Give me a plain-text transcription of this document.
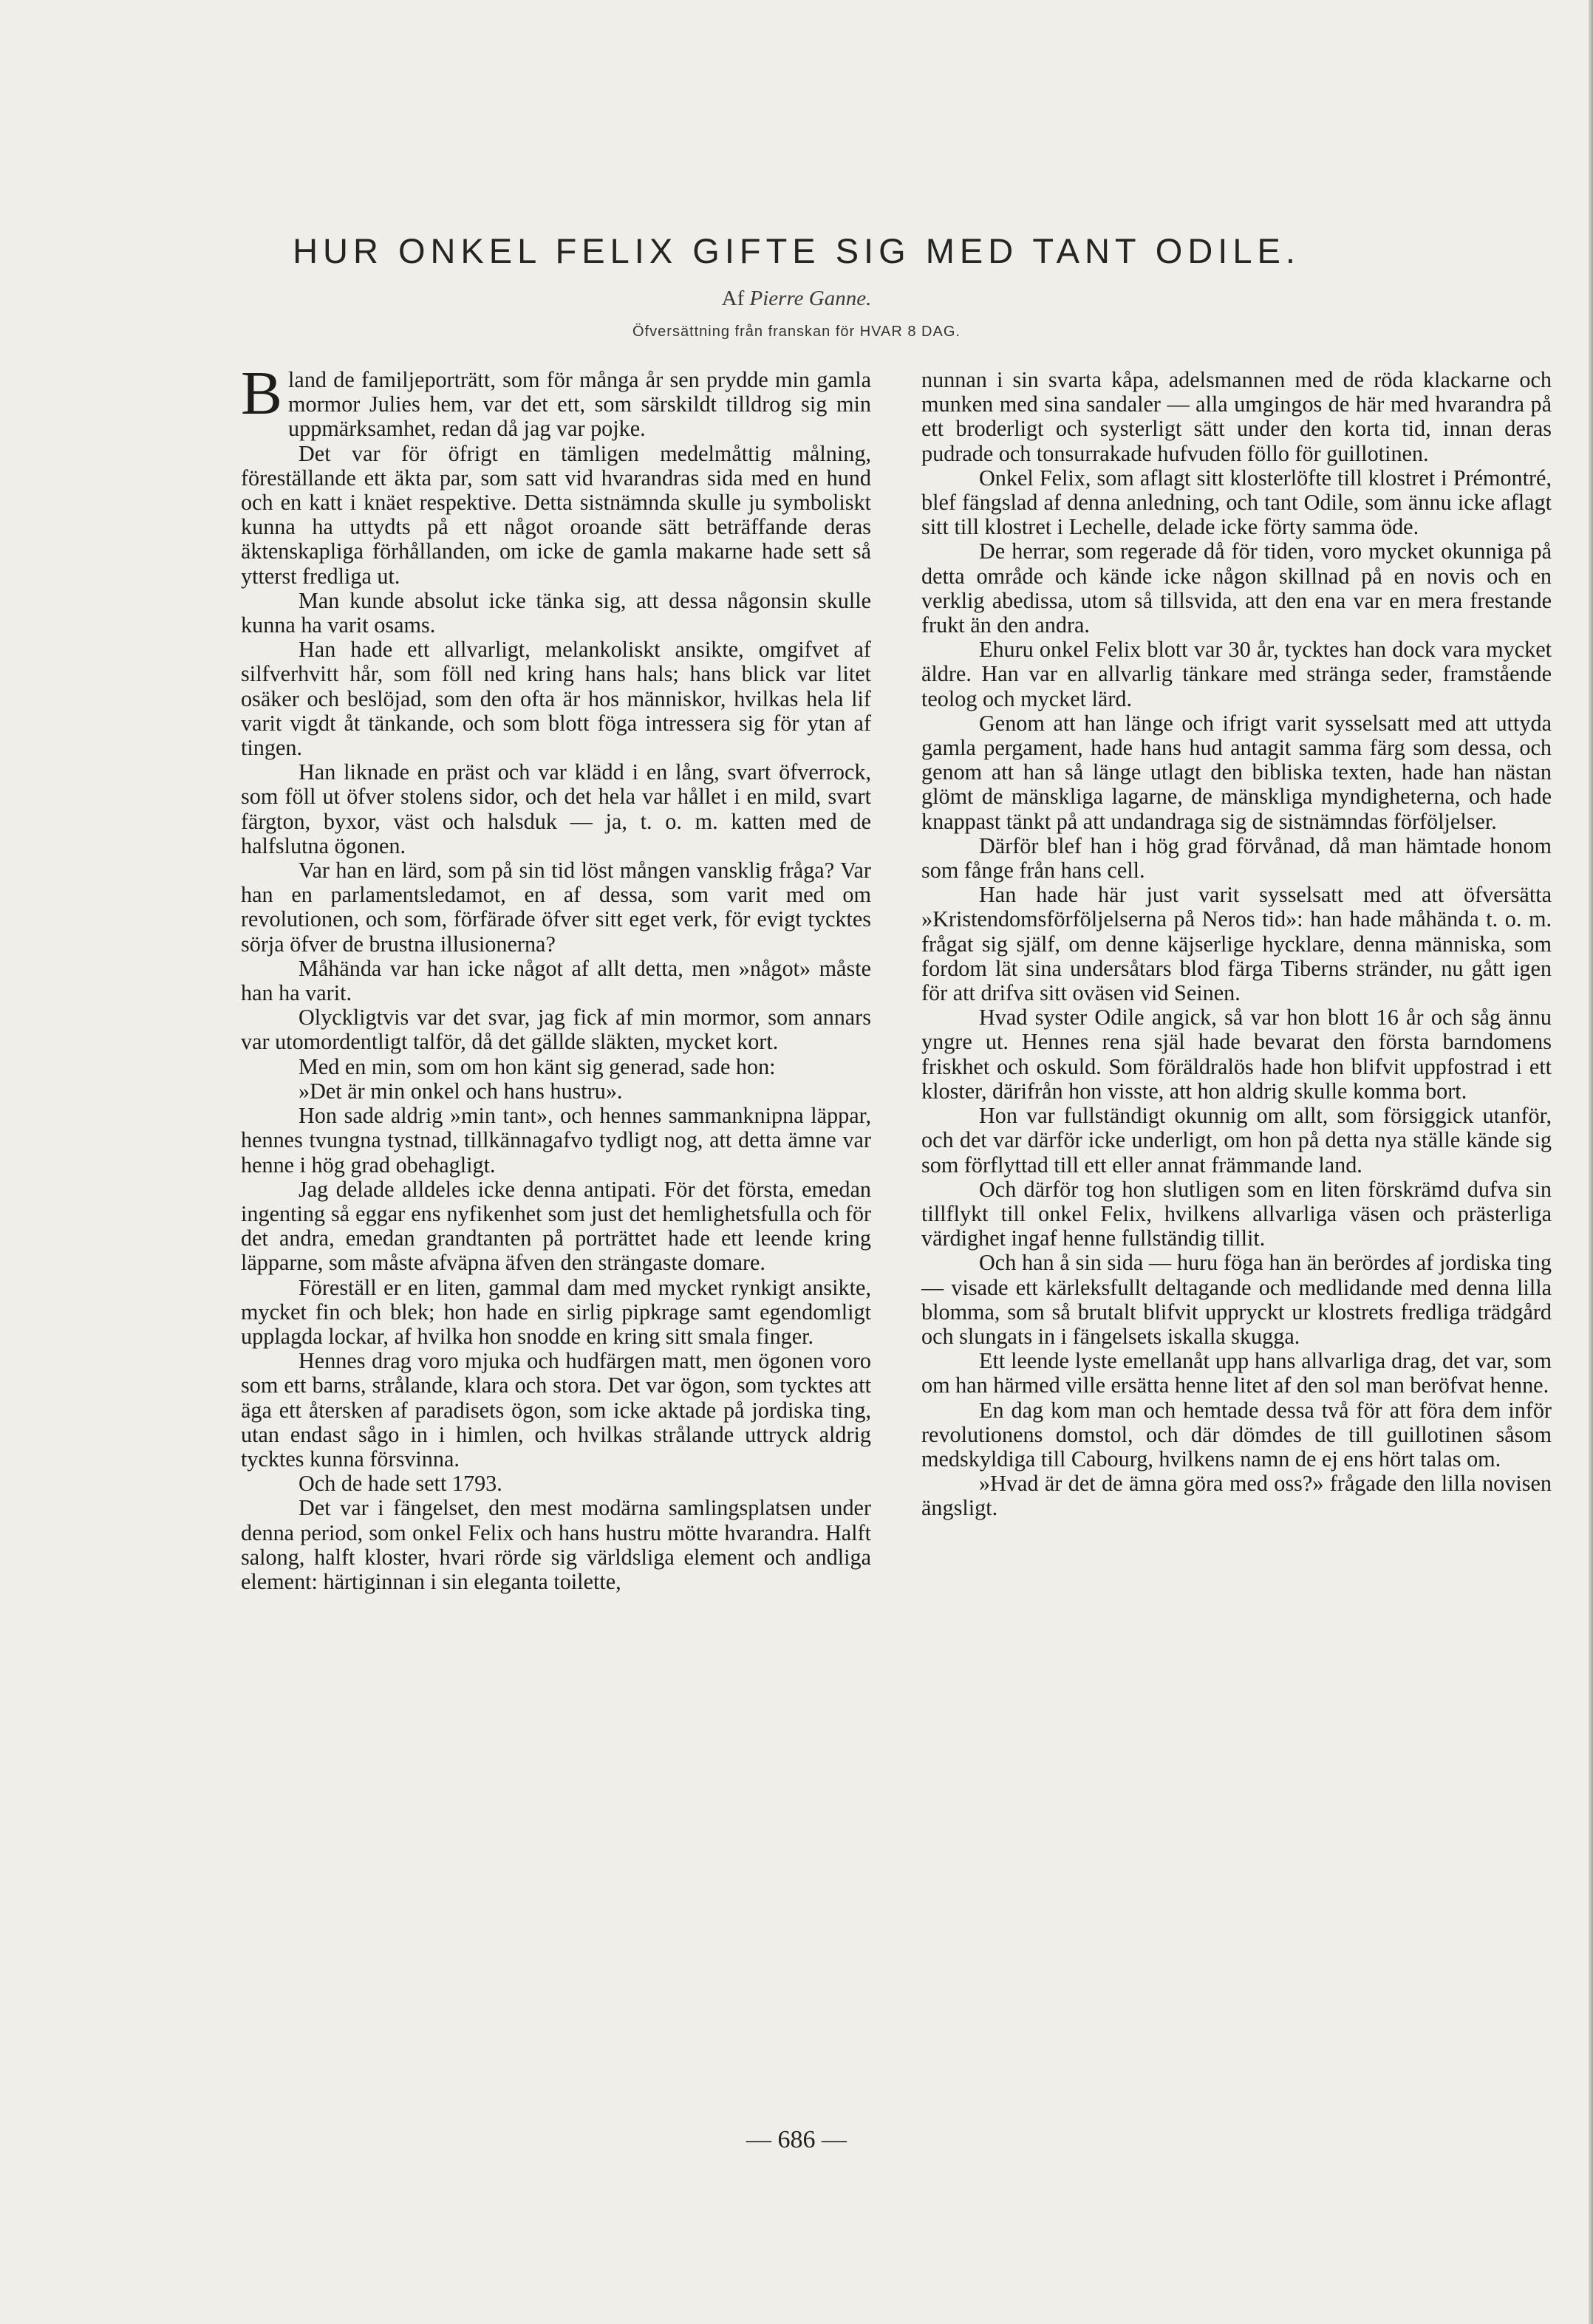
HUR ONKEL FELIX GIFTE SIG MED TANT ODILE.
Af Pierre Ganne.
Öfversättning från franskan för HVAR 8 DAG.

Bland de familjeporträtt, som för många år sen prydde min gamla mormor Julies hem, var det ett, som särskildt tilldrog sig min uppmärksamhet, redan då jag var pojke.

Det var för öfrigt en tämligen medelmåttig målning, föreställande ett äkta par, som satt vid hvarandras sida med en hund och en katt i knäet respektive. Detta sistnämnda skulle ju symboliskt kunna ha uttydts på ett något oroande sätt beträffande deras äktenskapliga förhållanden, om icke de gamla makarne hade sett så ytterst fredliga ut.

Man kunde absolut icke tänka sig, att dessa någonsin skulle kunna ha varit osams.

Han hade ett allvarligt, melankoliskt ansikte, omgifvet af silfverhvitt hår, som föll ned kring hans hals; hans blick var litet osäker och beslöjad, som den ofta är hos människor, hvilkas hela lif varit vigdt åt tänkande, och som blott föga intressera sig för ytan af tingen.

Han liknade en präst och var klädd i en lång, svart öfverrock, som föll ut öfver stolens sidor, och det hela var hållet i en mild, svart färgton, byxor, väst och halsduk — ja, t. o. m. katten med de halfslutna ögonen.

Var han en lärd, som på sin tid löst mången vansklig fråga? Var han en parlamentsledamot, en af dessa, som varit med om revolutionen, och som, förfärade öfver sitt eget verk, för evigt tycktes sörja öfver de brustna illusionerna?

Måhända var han icke något af allt detta, men »något» måste han ha varit.

Olyckligtvis var det svar, jag fick af min mormor, som annars var utomordentligt talför, då det gällde släkten, mycket kort.

Med en min, som om hon känt sig generad, sade hon:

»Det är min onkel och hans hustru».

Hon sade aldrig »min tant», och hennes sammanknipna läppar, hennes tvungna tystnad, tillkännagafvo tydligt nog, att detta ämne var henne i hög grad obehagligt.

Jag delade alldeles icke denna antipati. För det första, emedan ingenting så eggar ens nyfikenhet som just det hemlighetsfulla och för det andra, emedan grandtanten på porträttet hade ett leende kring läpparne, som måste afväpna äfven den strängaste domare.

Föreställ er en liten, gammal dam med mycket rynkigt ansikte, mycket fin och blek; hon hade en sirlig pipkrage samt egendomligt upplagda lockar, af hvilka hon snodde en kring sitt smala finger.

Hennes drag voro mjuka och hudfärgen matt, men ögonen voro som ett barns, strålande, klara och stora. Det var ögon, som tycktes att äga ett återsken af paradisets ögon, som icke aktade på jordiska ting, utan endast sågo in i himlen, och hvilkas strålande uttryck aldrig tycktes kunna försvinna.

Och de hade sett 1793.

Det var i fängelset, den mest modärna samlingsplatsen under denna period, som onkel Felix och hans hustru mötte hvarandra. Halft salong, halft kloster, hvari rörde sig världsliga element och andliga element: härtiginnan i sin eleganta toilette,

nunnan i sin svarta kåpa, adelsmannen med de röda klackarne och munken med sina sandaler — alla umgingos de här med hvarandra på ett broderligt och systerligt sätt under den korta tid, innan deras pudrade och tonsurrakade hufvuden föllo för guillotinen.

Onkel Felix, som aflagt sitt klosterlöfte till klostret i Prémontré, blef fängslad af denna anledning, och tant Odile, som ännu icke aflagt sitt till klostret i Lechelle, delade icke förty samma öde.

De herrar, som regerade då för tiden, voro mycket okunniga på detta område och kände icke någon skillnad på en novis och en verklig abedissa, utom så tillsvida, att den ena var en mera frestande frukt än den andra.

Ehuru onkel Felix blott var 30 år, tycktes han dock vara mycket äldre. Han var en allvarlig tänkare med stränga seder, framstående teolog och mycket lärd.

Genom att han länge och ifrigt varit sysselsatt med att uttyda gamla pergament, hade hans hud antagit samma färg som dessa, och genom att han så länge utlagt den bibliska texten, hade han nästan glömt de mänskliga lagarne, de mänskliga myndigheterna, och hade knappast tänkt på att undandraga sig de sistnämndas förföljelser.

Därför blef han i hög grad förvånad, då man hämtade honom som fånge från hans cell.

Han hade här just varit sysselsatt med att öfversätta »Kristendomsförföljelserna på Neros tid»: han hade måhända t. o. m. frågat sig själf, om denne käjserlige hycklare, denna människa, som fordom lät sina undersåtars blod färga Tiberns stränder, nu gått igen för att drifva sitt oväsen vid Seinen.

Hvad syster Odile angick, så var hon blott 16 år och såg ännu yngre ut. Hennes rena själ hade bevarat den första barndomens friskhet och oskuld. Som föräldralös hade hon blifvit uppfostrad i ett kloster, därifrån hon visste, att hon aldrig skulle komma bort.

Hon var fullständigt okunnig om allt, som försiggick utanför, och det var därför icke underligt, om hon på detta nya ställe kände sig som förflyttad till ett eller annat främmande land.

Och därför tog hon slutligen som en liten förskrämd dufva sin tillflykt till onkel Felix, hvilkens allvarliga väsen och prästerliga värdighet ingaf henne fullständig tillit.

Och han å sin sida — huru föga han än berördes af jordiska ting — visade ett kärleksfullt deltagande och medlidande med denna lilla blomma, som så brutalt blifvit uppryckt ur klostrets fredliga trädgård och slungats in i fängelsets iskalla skugga.

Ett leende lyste emellanåt upp hans allvarliga drag, det var, som om han härmed ville ersätta henne litet af den sol man beröfvat henne.

En dag kom man och hemtade dessa två för att föra dem inför revolutionens domstol, och där dömdes de till guillotinen såsom medskyldiga till Cabourg, hvilkens namn de ej ens hört talas om.

»Hvad är det de ämna göra med oss?» frågade den lilla novisen ängsligt.

— 686 —
